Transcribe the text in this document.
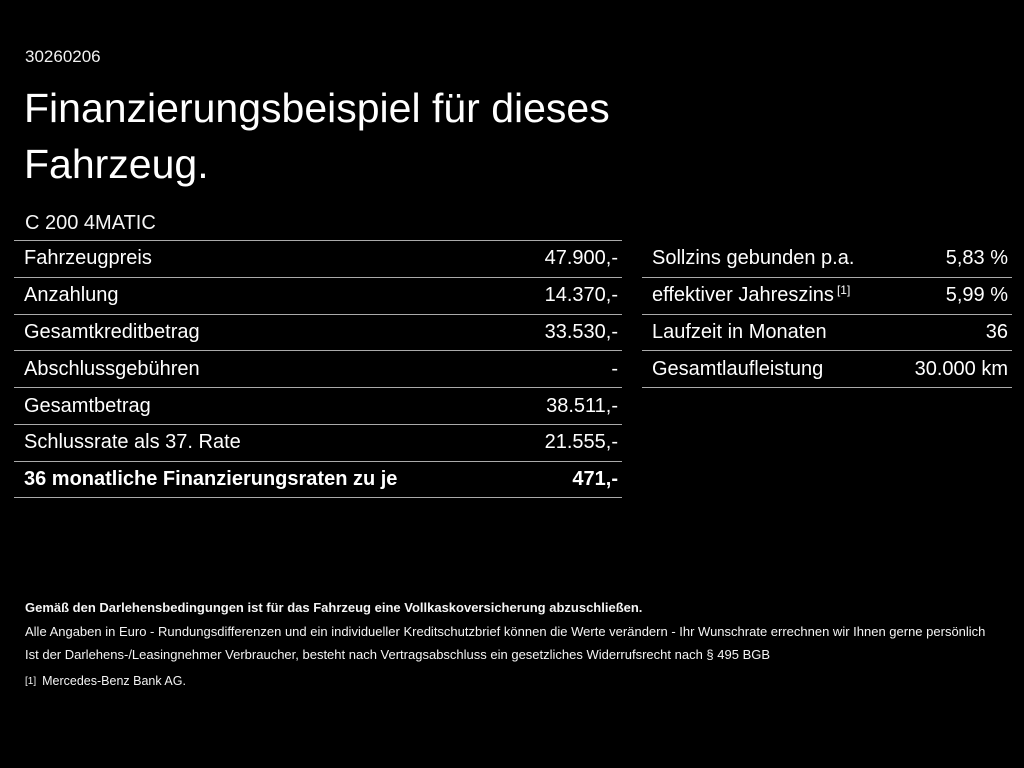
30260206
Finanzierungsbeispiel für dieses
Fahrzeug.
C 200 4MATIC
Fahrzeugpreis	47.900,-
Anzahlung	14.370,-
Gesamtkreditbetrag	33.530,-
Abschlussgebühren	-
Gesamtbetrag	38.511,-
Schlussrate als 37. Rate	21.555,-
36 monatliche Finanzierungsraten zu je	471,-
Sollzins gebunden p.a.	5,83 %
effektiver Jahreszins [1]	5,99 %
Laufzeit in Monaten	36
Gesamtlaufleistung	30.000 km

Gemäß den Darlehensbedingungen ist für das Fahrzeug eine Vollkaskoversicherung abzuschließen.

Alle Angaben in Euro - Rundungsdifferenzen und ein individueller Kreditschutzbrief können die Werte verändern - Ihr Wunschrate errechnen wir Ihnen gerne persönlich

Ist der Darlehens-/Leasingnehmer Verbraucher, besteht nach Vertragsabschluss ein gesetzliches Widerrufsrecht nach § 495 BGB

[1] Mercedes-Benz Bank AG.
